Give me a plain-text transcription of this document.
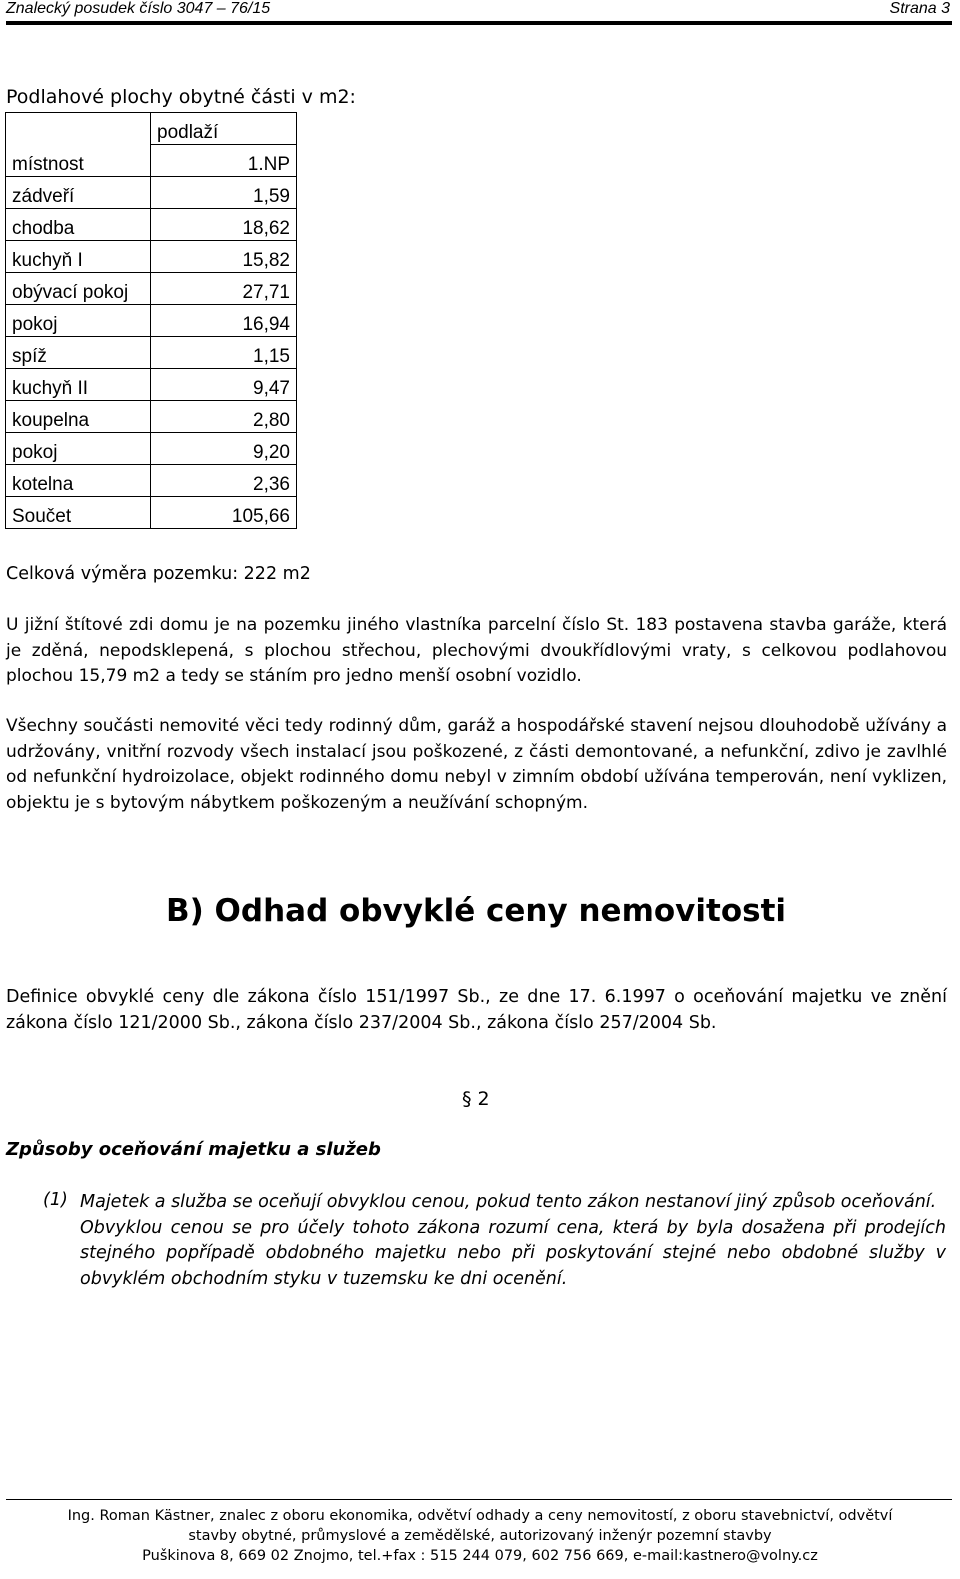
Znalecký posudek číslo 3047 – 76/15	Strana 3
Podlahové plochy obytné části v m2:
	podlaží
místnost	1.NP
zádveří	1,59
chodba	18,62
kuchyň I	15,82
obývací pokoj	27,71
pokoj	16,94
spíž	1,15
kuchyň II	9,47
koupelna	2,80
pokoj	9,20
kotelna	2,36
Součet	105,66
Celková výměra pozemku: 222 m2
U jižní štítové zdi domu je na pozemku jiného vlastníka parcelní číslo St. 183 postavena stavba garáže, která je zděná, nepodsklepená, s plochou střechou, plechovými dvoukřídlovými vraty, s celkovou podlahovou plochou 15,79 m2 a tedy se stáním pro jedno menší osobní vozidlo.
Všechny součásti nemovité věci tedy rodinný dům, garáž a hospodářské stavení nejsou dlouhodobě užívány a udržovány, vnitřní rozvody všech instalací jsou poškozené, z části demontované, a nefunkční, zdivo je zavlhlé od nefunkční hydroizolace, objekt rodinného domu nebyl v zimním období užívána temperován, není vyklizen, objektu je s bytovým nábytkem poškozeným a neužívání schopným.
B) Odhad obvyklé ceny nemovitosti
Definice obvyklé ceny dle zákona číslo 151/1997 Sb., ze dne 17. 6.1997 o oceňování majetku ve znění zákona číslo 121/2000 Sb., zákona číslo 237/2004 Sb., zákona číslo 257/2004 Sb.
§ 2
Způsoby oceňování majetku a služeb
(1) Majetek a služba se oceňují obvyklou cenou, pokud tento zákon nestanoví jiný způsob oceňování.

Obvyklou cenou se pro účely tohoto zákona rozumí cena, která by byla dosažena při prodejích stejného popřípadě obdobného majetku nebo při poskytování stejné nebo obdobné služby v obvyklém obchodním styku v tuzemsku ke dni ocenění.

Ing. Roman Kästner, znalec z oboru ekonomika, odvětví odhady a ceny nemovitostí, z oboru stavebnictví, odvětví
stavby obytné, průmyslové a zemědělské, autorizovaný inženýr pozemní stavby
Puškinova 8, 669 02 Znojmo, tel.+fax : 515 244 079, 602 756 669, e-mail:kastnero@volny.cz
